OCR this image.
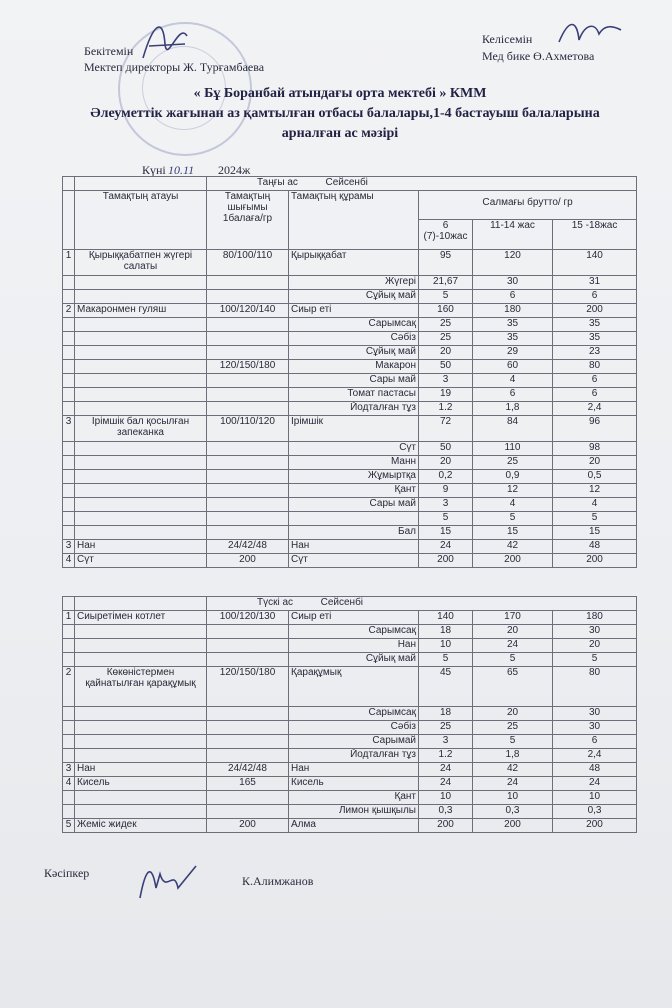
Бекітемін
Мектеп директоры Ж. Турғамбаева
Келісемін
Мед бике Ө.Ахметова
« Бұ Боранбай атындағы орта мектебі » КММ
Әлеуметтік жағынан аз қамтылған отбасы балалары,1-4 бастауыш балаларына
арналған ас мәзірі
Күні 10.11 2024ж
		Таңғы ас Сейсенбі				
	Тамақтың атауы	Тамақтың шығымы 1балаға/гр	Тамақтың құрамы	Салмағы брутто/ гр		
				6 (7)-10жас	11-14 жас	15 -18жас
1	Қырыққабатпен жүгері салаты	80/100/110	Қырыққабат	95	120	140
			Жүгері	21,67	30	31
			Сұйық май	5	6	6
2	Макаронмен гуляш	100/120/140	Сиыр еті	160	180	200
			Сарымсақ	25	35	35
			Сәбіз	25	35	35
			Сұйық май	20	29	23
		120/150/180	Макарон	50	60	80
			Сары май	3	4	6
			Томат пастасы	19	6	6
			Йодталған тұз	1.2	1,8	2,4
3	Ірімшік бал қосылған запеканка	100/110/120	Ірімшік	72	84	96
			Сүт	50	110	98
			Манн	20	25	20
			Жұмыртқа	0,2	0,9	0,5
			Қант	9	12	12
			Сары май	3	4	4
				5	5	5
			Бал	15	15	15
3	Нан	24/42/48	Нан	24	42	48
4	Сүт	200	Сүт	200	200	200
		Түскі ас Сейсенбі				
1	Сиыретімен котлет	100/120/130	Сиыр еті	140	170	180
			Сарымсақ	18	20	30
			Нан	10	24	20
			Сұйық май	5	5	5
2	Көкөністермен қайнатылған қарақұмық	120/150/180	Қарақұмық	45	65	80
			Сарымсақ	18	20	30
			Сәбіз	25	25	30
			Сарымай	3	5	6
			Йодталған тұз	1.2	1,8	2,4
3	Нан	24/42/48	Нан	24	42	48
4	Кисель	165	Кисель	24	24	24
			Қант	10	10	10
			Лимон қышқылы	0,3	0,3	0,3
5	Жеміс жидек	200	Алма	200	200	200
Кәсіпкер
К.Алимжанов
